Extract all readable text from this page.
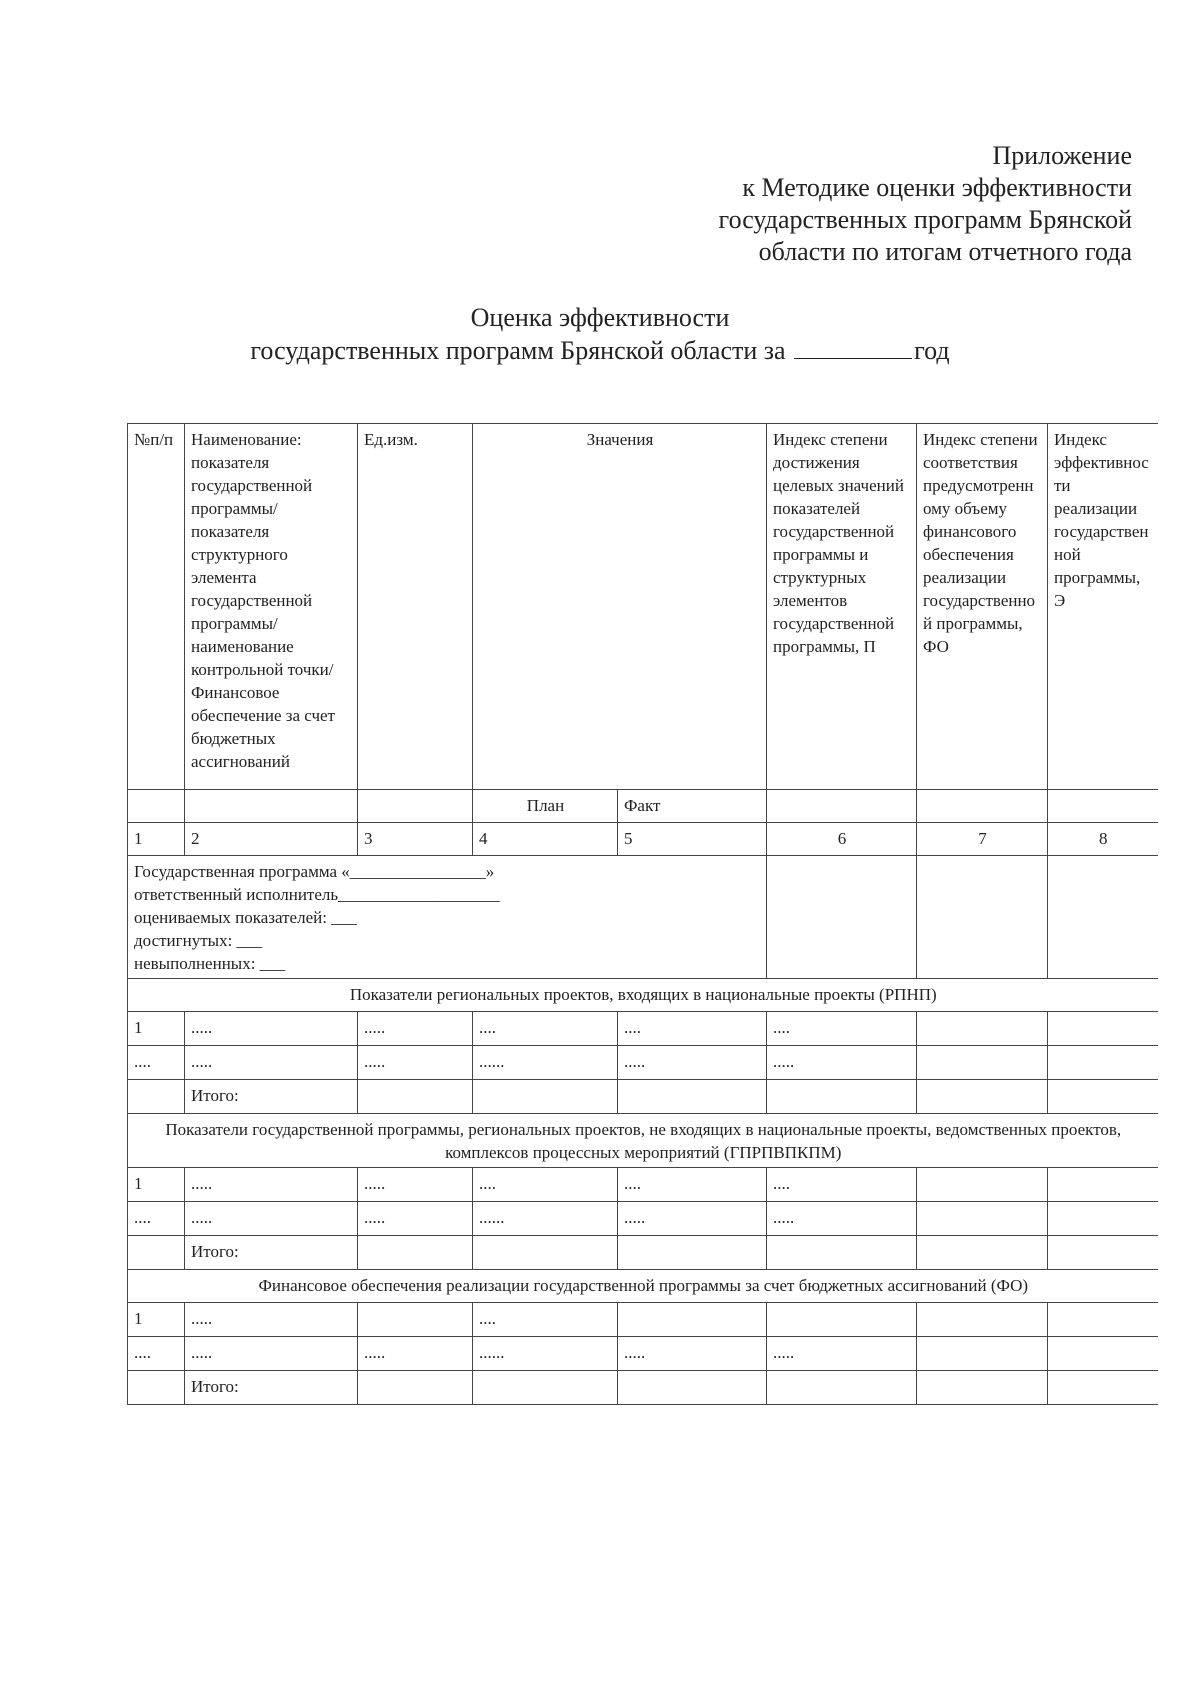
Приложение
к Методике оценки эффективности
государственных программ Брянской
области по итогам отчетного года
Оценка эффективности
государственных программ Брянской области за	год
№п/п	Наименование: показателя государственной программы/показателя структурного элемента государственной программы/наименование контрольной точки/ Финансовое обеспечение за счет бюджетных ассигнований	Ед.изм.	Значения		Индекс степени достижения целевых значений показателей государственной программы и структурных элементов государственной программы, П	Индекс степени соответствия предусмотренному объему финансового обеспечения реализации государственной программы, ФО	Индекс эффективности реализации государственной программы, Э
			План	Факт			
1	2	3	4	5	6	7	8

Государственная программа «________________»
ответственный исполнитель___________________
оцениваемых показателей: ___
достигнутых: ___
невыполненных: ___							

Показатели региональных проектов, входящих в национальные проекты (РПНП)							
1	.....	.....	....	....	....		
....	.....	.....	......	.....	.....		
	Итого:						
Показатели государственной программы, региональных проектов, не входящих в национальные проекты, ведомственных проектов, комплексов процессных мероприятий (ГПРПВПКПМ)							
1	.....	.....	....	....	....		
....	.....	.....	......	.....	.....		
	Итого:						
Финансовое обеспечения реализации государственной программы за счет бюджетных ассигнований (ФО)							
1	.....		....				
....	.....	.....	......	.....	.....		
	Итого:						
